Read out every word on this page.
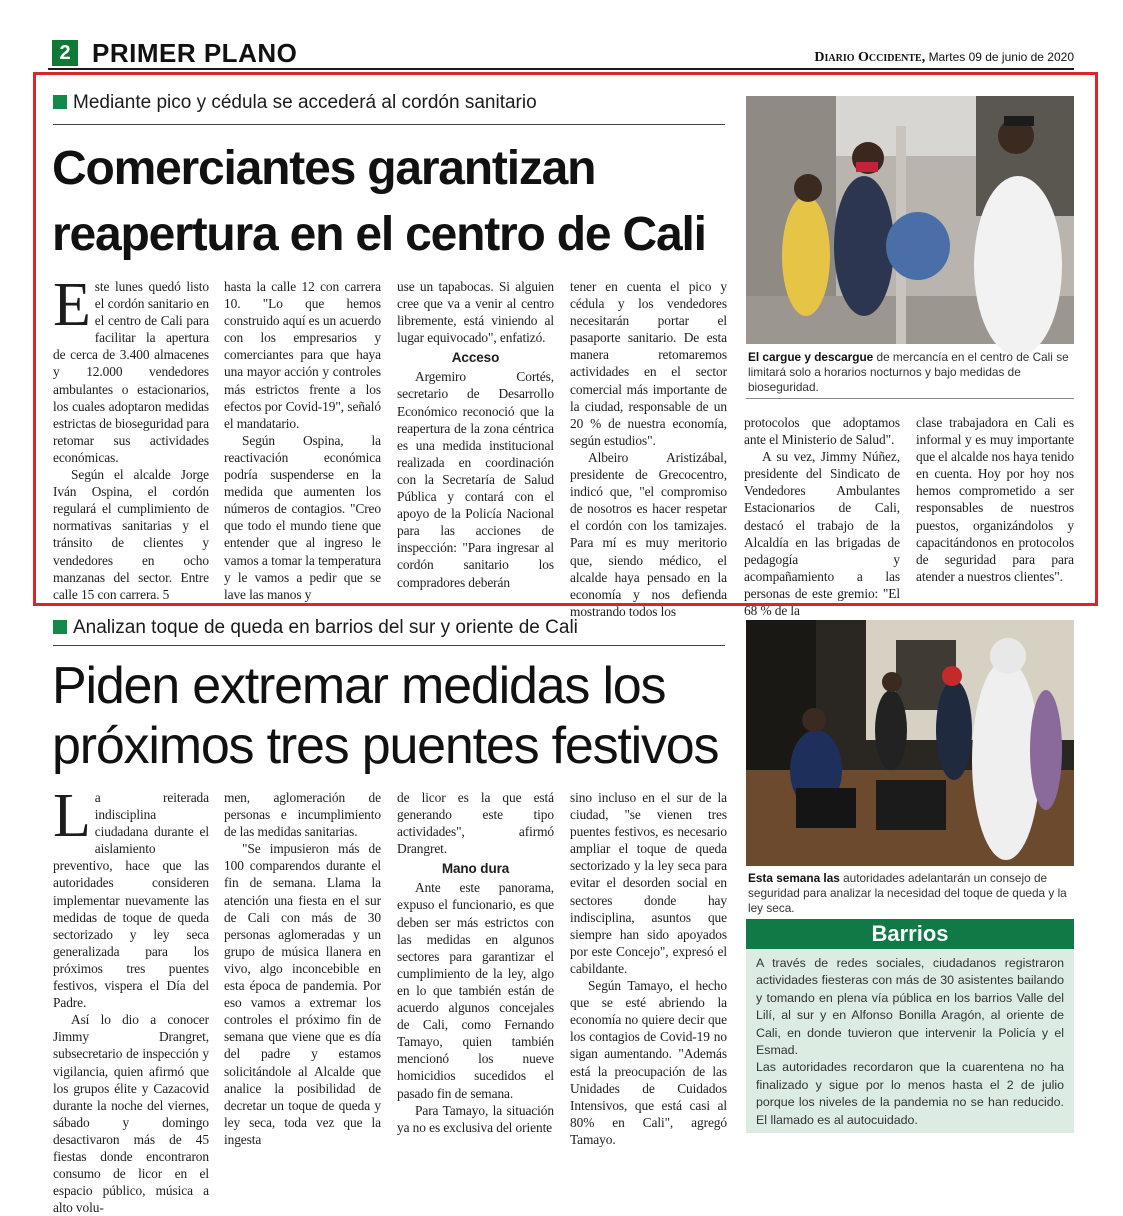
2 PRIMER PLANO	Diario Occidente, Martes 09 de junio de 2020
Mediante pico y cédula se accederá al cordón sanitario
Comerciantes garantizan
reapertura en el centro de Cali
E ste lunes quedó listo el cordón sanitario en el centro de Cali para facilitar la apertura de cerca de 3.400 almacenes y 12.000 vendedores ambulantes o estacionarios, los cuales adoptaron medidas estrictas de bioseguridad para retomar sus actividades económicas.

Según el alcalde Jorge Iván Ospina, el cordón regulará el cumplimiento de normativas sanitarias y el tránsito de clientes y vendedores en ocho manzanas del sector. Entre calle 15 con carrera. 5

hasta la calle 12 con carrera 10. "Lo que hemos construido aquí es un acuerdo con los empresarios y comerciantes para que haya una mayor acción y controles más estrictos frente a los efectos por Covid-19", señaló el mandatario.

Según Ospina, la reactivación económica podría suspenderse en la medida que aumenten los números de contagios. "Creo que todo el mundo tiene que entender que al ingreso le vamos a tomar la temperatura y le vamos a pedir que se lave las manos y

use un tapabocas. Si alguien cree que va a venir al centro libremente, está viniendo al lugar equivocado", enfatizó.

Acceso

Argemiro Cortés, secretario de Desarrollo Económico reconoció que la reapertura de la zona céntrica es una medida institucional realizada en coordinación con la Secretaría de Salud Pública y contará con el apoyo de la Policía Nacional para las acciones de inspección: "Para ingresar al cordón sanitario los compradores deberán

tener en cuenta el pico y cédula y los vendedores necesitarán portar el pasaporte sanitario. De esta manera retomaremos actividades en el sector comercial más importante de la ciudad, responsable de un 20 % de nuestra economía, según estudios".

Albeiro Aristizábal, presidente de Grecocentro, indicó que, "el compromiso de nosotros es hacer respetar el cordón con los tamizajes. Para mí es muy meritorio que, siendo médico, el alcalde haya pensado en la economía y nos defienda mostrando todos los

El cargue y descargue de mercancía en el centro de Cali se limitará solo a horarios nocturnos y bajo medidas de bioseguridad.

protocolos que adoptamos ante el Ministerio de Salud".

A su vez, Jimmy Núñez, presidente del Sindicato de Vendedores Ambulantes Estacionarios de Cali, destacó el trabajo de la Alcaldía en las brigadas de pedagogía y acompañamiento a las personas de este gremio: "El 68 % de la

clase trabajadora en Cali es informal y es muy importante que el alcalde nos haya tenido en cuenta. Hoy por hoy nos hemos comprometido a ser responsables de nuestros puestos, organizándolos y capacitándonos en protocolos de seguridad para para atender a nuestros clientes".

Analizan toque de queda en barrios del sur y oriente de Cali
Piden extremar medidas los
próximos tres puentes festivos
L a reiterada indisciplina ciudadana durante el aislamiento preventivo, hace que las autoridades consideren implementar nuevamente las medidas de toque de queda sectorizado y ley seca generalizada para los próximos tres puentes festivos, vispera el Día del Padre.

Así lo dio a conocer Jimmy Drangret, subsecretario de inspección y vigilancia, quien afirmó que los grupos élite y Cazacovid durante la noche del viernes, sábado y domingo desactivaron más de 45 fiestas donde encontraron consumo de licor en el espacio público, música a alto volu-

men, aglomeración de personas e incumplimiento de las medidas sanitarias.

"Se impusieron más de 100 comparendos durante el fin de semana. Llama la atención una fiesta en el sur de Cali con más de 30 personas aglomeradas y un grupo de música llanera en vivo, algo inconcebible en esta época de pandemia. Por eso vamos a extremar los controles el próximo fin de semana que viene que es día del padre y estamos solicitándole al Alcalde que analice la posibilidad de decretar un toque de queda y ley seca, toda vez que la ingesta

de licor es la que está generando este tipo actividades", afirmó Drangret.

Mano dura

Ante este panorama, expuso el funcionario, es que deben ser más estrictos con las medidas en algunos sectores para garantizar el cumplimiento de la ley, algo en lo que también están de acuerdo algunos concejales de Cali, como Fernando Tamayo, quien también mencionó los nueve homicidios sucedidos el pasado fin de semana.

Para Tamayo, la situación ya no es exclusiva del oriente

sino incluso en el sur de la ciudad, "se vienen tres puentes festivos, es necesario ampliar el toque de queda sectorizado y la ley seca para evitar el desorden social en sectores donde hay indisciplina, asuntos que siempre han sido apoyados por este Concejo", expresó el cabildante.

Según Tamayo, el hecho que se esté abriendo la economía no quiere decir que los contagios de Covid-19 no sigan aumentando. "Además está la preocupación de las Unidades de Cuidados Intensivos, que está casi al 80% en Cali", agregó Tamayo.

Esta semana las autoridades adelantarán un consejo de seguridad para analizar la necesidad del toque de queda y la ley seca.
Barrios

A través de redes sociales, ciudadanos registraron actividades fiesteras con más de 30 asistentes bailando y tomando en plena vía pública en los barrios Valle del Lilí, al sur y en Alfonso Bonilla Aragón, al oriente de Cali, en donde tuvieron que intervenir la Policía y el Esmad.

Las autoridades recordaron que la cuarentena no ha finalizado y sigue por lo menos hasta el 2 de julio porque los niveles de la pandemia no se han reducido. El llamado es al autocuidado.
